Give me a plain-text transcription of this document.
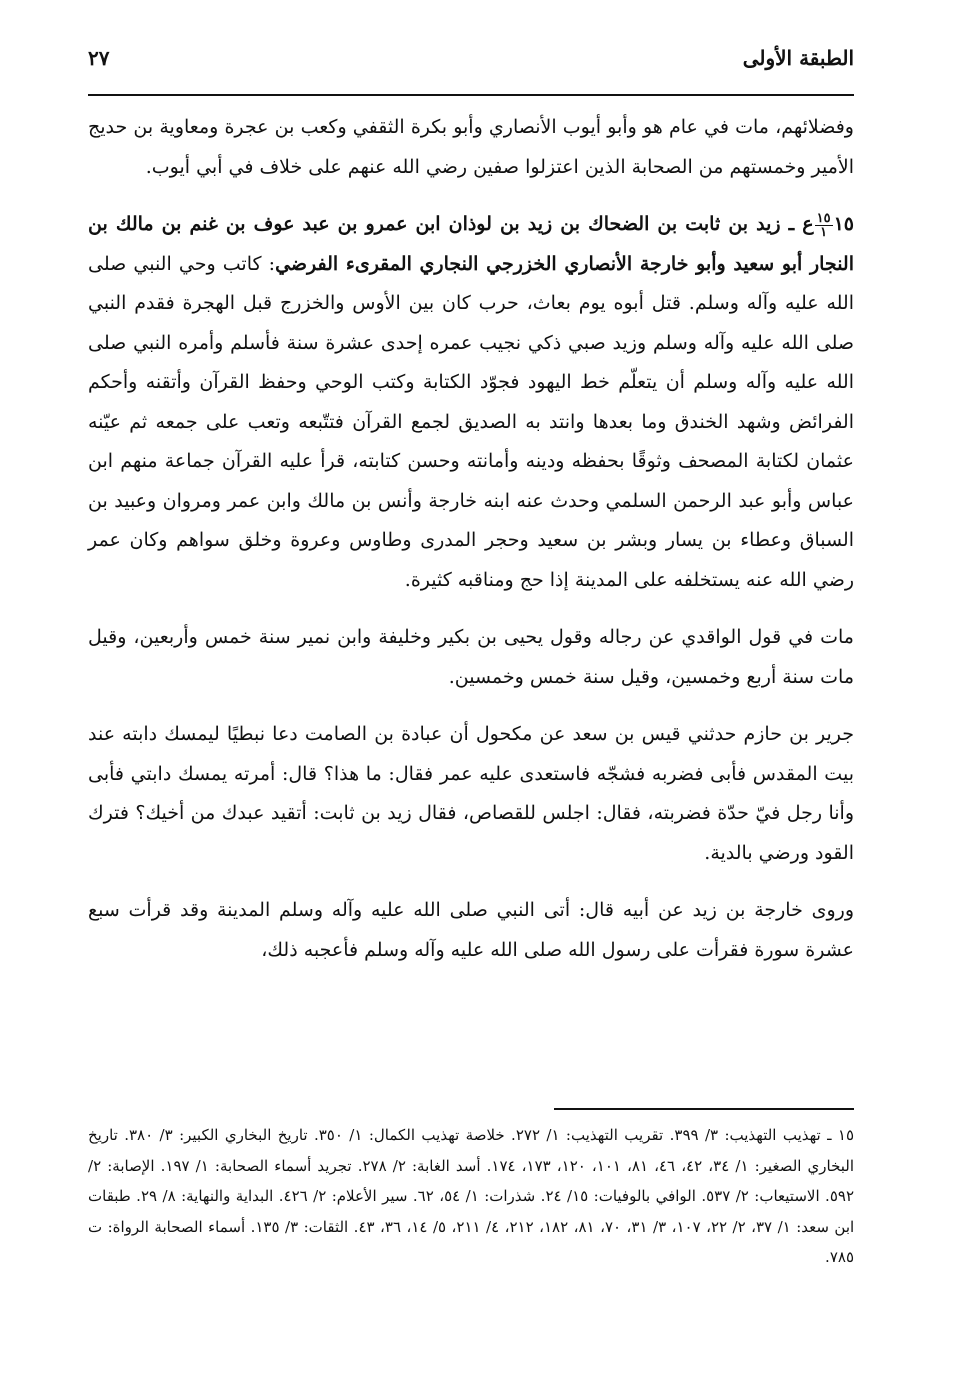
الطبقة الأولى
٢٧

وفضلائهم، مات في عام هو وأبو أيوب الأنصاري وأبو بكرة الثقفي وكعب بن عجرة ومعاوية بن حديج الأمير وخمستهم من الصحابة الذين اعتزلوا صفين رضي الله عنهم على خلاف في أبي أيوب.

١٥
$\frac{١٥}{١}$
ع ـ زيد بن ثابت بن الضحاك بن زيد بن لوذان ابن عمرو بن عبد عوف بن غنم بن مالك بن النجار أبو سعيد وأبو خارجة الأنصاري الخزرجي النجاري المقرىء الفرضي: كاتب وحي النبي صلى الله عليه وآله وسلم. قتل أبوه يوم بعاث، حرب كان بين الأوس والخزرج قبل الهجرة فقدم النبي صلى الله عليه وآله وسلم وزيد صبي ذكي نجيب عمره إحدى عشرة سنة فأسلم وأمره النبي صلى الله عليه وآله وسلم أن يتعلّم خط اليهود فجوّد الكتابة وكتب الوحي وحفظ القرآن وأتقنه وأحكم الفرائض وشهد الخندق وما بعدها وانتد به الصديق لجمع القرآن فتتّبعه وتعب على جمعه ثم عيّنه عثمان لكتابة المصحف وثوقًا بحفظه ودينه وأمانته وحسن كتابته، قرأ عليه القرآن جماعة منهم ابن عباس وأبو عبد الرحمن السلمي وحدث عنه ابنه خارجة وأنس بن مالك وابن عمر ومروان وعبيد بن السباق وعطاء بن يسار وبشر بن سعيد وحجر المدرى وطاوس وعروة وخلق سواهم وكان عمر رضي الله عنه يستخلفه على المدينة إذا حج ومناقبه كثيرة.

مات في قول الواقدي عن رجاله وقول يحيى بن بكير وخليفة وابن نمير سنة خمس وأربعين، وقيل مات سنة أربع وخمسين، وقيل سنة خمس وخمسين.

جرير بن حازم حدثني قيس بن سعد عن مكحول أن عبادة بن الصامت دعا نبطيًا ليمسك دابته عند بيت المقدس فأبى فضربه فشجّه فاستعدى عليه عمر فقال: ما هذا؟ قال: أمرته يمسك دابتي فأبى وأنا رجل فيّ حدّة فضربته، فقال: اجلس للقصاص، فقال زيد بن ثابت: أتقيد عبدك من أخيك؟ فترك القود ورضي بالدية.

وروى خارجة بن زيد عن أبيه قال: أتى النبي صلى الله عليه وآله وسلم المدينة وقد قرأت سبع عشرة سورة فقرأت على رسول الله صلى الله عليه وآله وسلم فأعجبه ذلك،

١٥ ـ تهذيب التهذيب: ٣/ ٣٩٩. تقريب التهذيب: ١/ ٢٧٢. خلاصة تهذيب الكمال: ١/ ٣٥٠. تاريخ البخاري الكبير: ٣/ ٣٨٠. تاريخ البخاري الصغير: ١/ ٣٤، ٤٢، ٤٦، ٨١، ١٠١، ١٢٠، ١٧٣، ١٧٤. أسد الغابة: ٢/ ٢٧٨. تجريد أسماء الصحابة: ١/ ١٩٧. الإصابة: ٢/ ٥٩٢. الاستيعاب: ٢/ ٥٣٧. الوافي بالوفيات: ١٥/ ٢٤. شذرات: ١/ ٥٤، ٦٢. سير الأعلام: ٢/ ٤٢٦. البداية والنهاية: ٨/ ٢٩. طبقات ابن سعد: ١/ ٣٧، ٢/ ٢٢، ١٠٧، ٣/ ٣١، ٧٠، ٨١، ١٨٢، ٢١٢، ٤/ ٢١١، ٥/ ١٤، ٣٦، ٤٣. الثقات: ٣/ ١٣٥. أسماء الصحابة الرواة: ت ٧٨٥.
